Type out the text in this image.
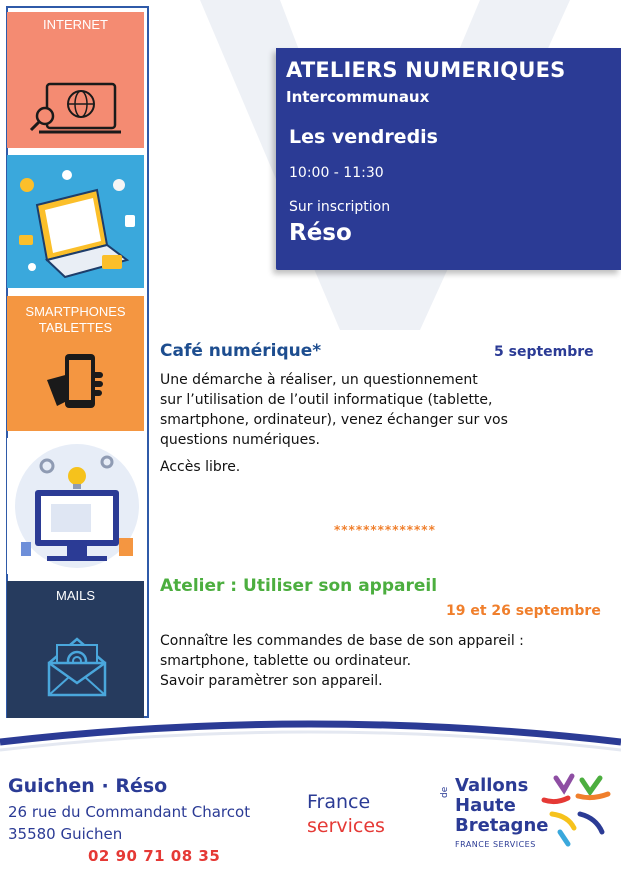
INTERNET
SMARTPHONES
TABLETTES
MAILS
ATELIERS NUMERIQUES
Intercommunaux
Les vendredis
10:00 - 11:30
Sur inscription
Réso
Café numérique*	5 septembre
Une démarche à réaliser, un questionnement
sur l’utilisation de l’outil informatique (tablette,
smartphone, ordinateur), venez échanger sur vos
questions numériques.
Accès libre.
**************
Atelier : Utiliser son appareil
19 et 26 septembre
Connaître les commandes de base de son appareil :
smartphone, tablette ou ordinateur.
Savoir paramètrer son appareil.
Guichen · Réso
26 rue du Commandant Charcot
35580 Guichen
02 90 71 08 35
France
services
Vallons
de
Haute
Bretagne
FRANCE SERVICES
